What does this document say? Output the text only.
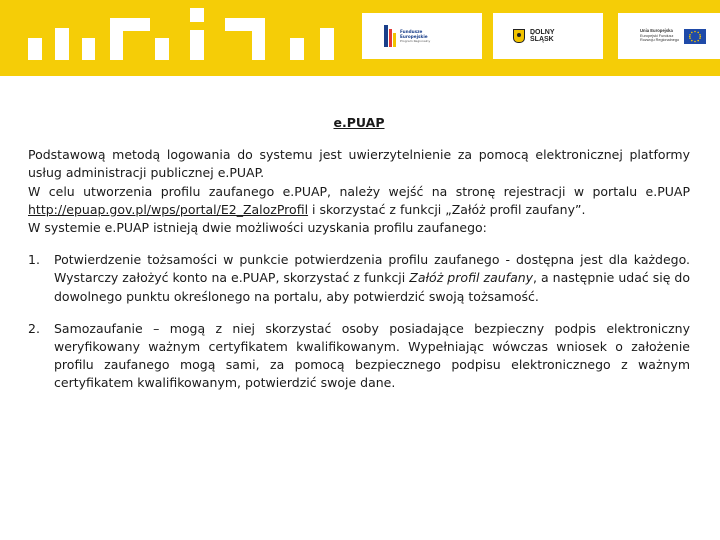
Fundusze
Europejskie
Program Regionalny
DOLNY
ŚLĄSK
Unia Europejska
Europejski Fundusz
Rozwoju Regionalnego
e.PUAP
Podstawową metodą logowania do systemu jest uwierzytelnienie za pomocą elektronicznej platformy
usług administracji publicznej e.PUAP.
W celu utworzenia profilu zaufanego e.PUAP, należy wejść na stronę rejestracji w portalu e.PUAP
http://epuap.gov.pl/wps/portal/E2_ZalozProfil i skorzystać z funkcji „Załóż profil zaufany”.
W systemie e.PUAP istnieją dwie możliwości uzyskania profilu zaufanego:
1. Potwierdzenie tożsamości w punkcie potwierdzenia profilu zaufanego - dostępna jest dla każdego. Wystarczy założyć konto na e.PUAP, skorzystać z funkcji Załóż profil zaufany, a następnie udać się do dowolnego punktu określonego na portalu, aby potwierdzić swoją tożsamość.
2. Samozaufanie – mogą z niej skorzystać osoby posiadające bezpieczny podpis elektroniczny weryfikowany ważnym certyfikatem kwalifikowanym. Wypełniając wówczas wniosek o założenie profilu zaufanego mogą sami, za pomocą bezpiecznego podpisu elektronicznego z ważnym certyfikatem kwalifikowanym, potwierdzić swoje dane.
